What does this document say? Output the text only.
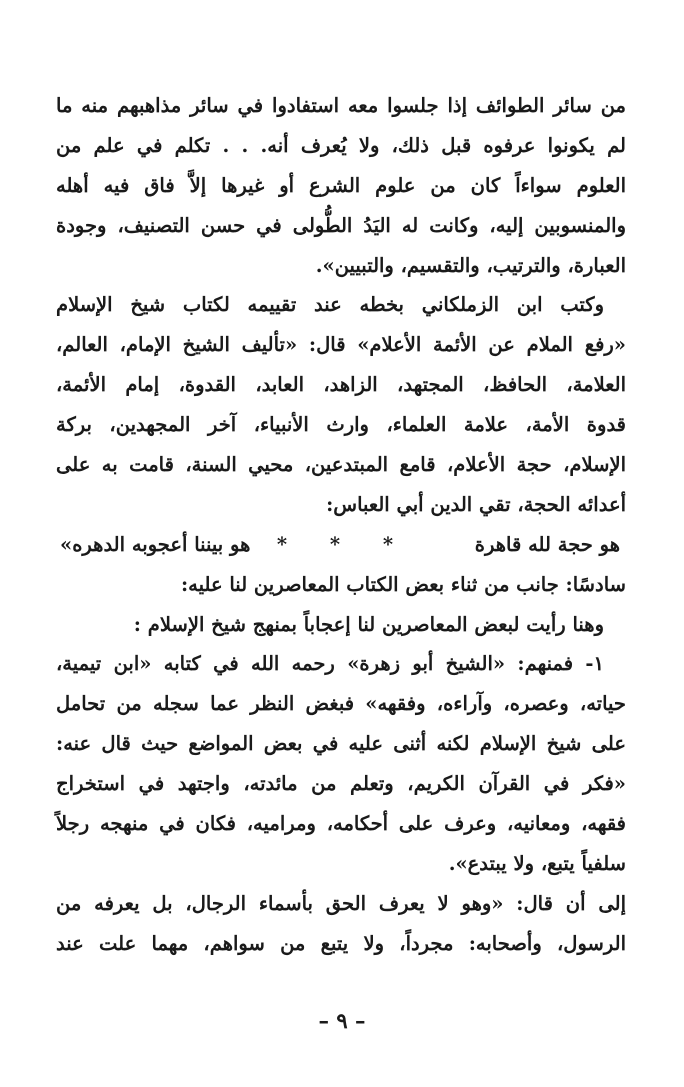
من سائر الطوائف إذا جلسوا معه استفادوا في سائر مذاهبهم منه ما
لم يكونوا عرفوه قبل ذلك، ولا يُعرف أنه. . . تكلم في علم من
العلوم سواءاً كان من علوم الشرع أو غيرها إلاَّ فاق فيه أهله
والمنسوبين إليه، وكانت له اليَدُ الطُّولى في حسن التصنيف، وجودة
العبارة، والترتيب، والتقسيم، والتبيين».
وكتب ابن الزملكاني بخطه عند تقييمه لكتاب شيخ الإسلام
«رفع الملام عن الأئمة الأعلام» قال: «تأليف الشيخ الإمام، العالم،
العلامة، الحافظ، المجتهد، الزاهد، العابد، القدوة، إمام الأئمة،
قدوة الأمة، علامة العلماء، وارث الأنبياء، آخر المجهدين، بركة
الإسلام، حجة الأعلام، قامع المبتدعين، محيي السنة، قامت به على
أعدائه الحجة، تقي الدين أبي العباس:
هو حجة لله قاهرة
* * *
هو بيننا أعجوبه الدهره»
سادسًا: جانب من ثناء بعض الكتاب المعاصرين لنا عليه:
وهنا رأيت لبعض المعاصرين لنا إعجاباً بمنهج شيخ الإسلام :
١- فمنهم: «الشيخ أبو زهرة» رحمه الله في كتابه «ابن تيمية،
حياته، وعصره، وآراءه، وفقهه» فبغض النظر عما سجله من تحامل
على شيخ الإسلام لكنه أثنى عليه في بعض المواضع حيث قال عنه:
«فكر في القرآن الكريم، وتعلم من مائدته، واجتهد في استخراج
فقهه، ومعانيه، وعرف على أحكامه، ومراميه، فكان في منهجه رجلاً
سلفياً يتبع، ولا يبتدع».
إلى أن قال: «وهو لا يعرف الحق بأسماء الرجال، بل يعرفه من
الرسول، وأصحابه: مجرداً، ولا يتبع من سواهم، مهما علت عند
– ٩ –
